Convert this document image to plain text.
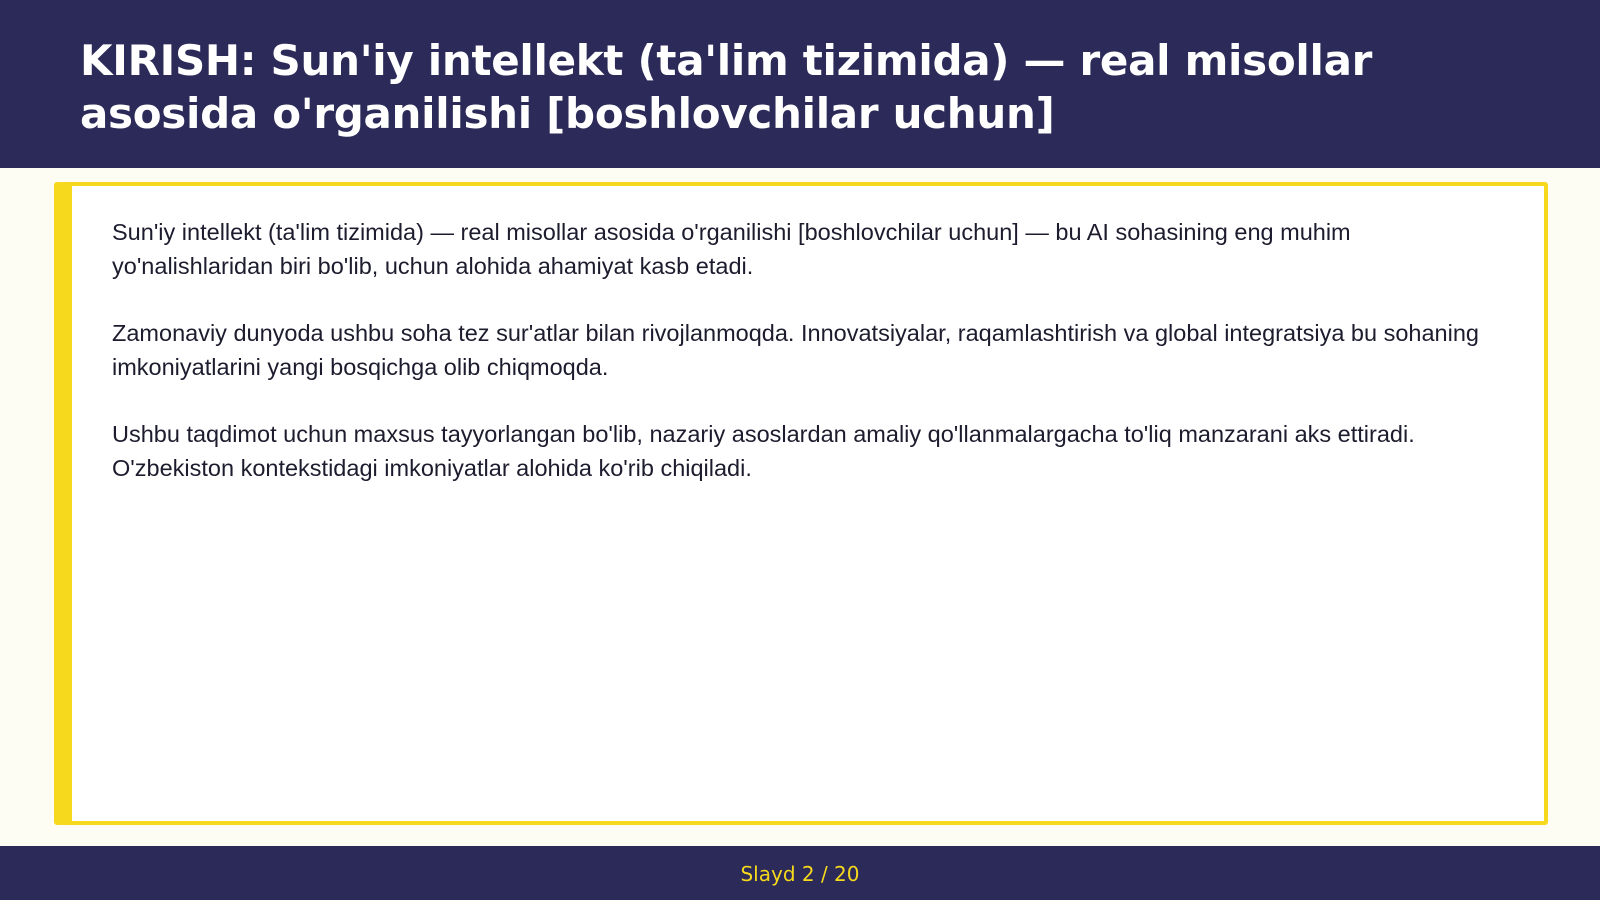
KIRISH: Sun'iy intellekt (ta'lim tizimida) — real misollar asosida o'rganilishi [boshlovchilar uchun]

Sun'iy intellekt (ta'lim tizimida) — real misollar asosida o'rganilishi [boshlovchilar uchun] — bu AI sohasining eng muhim yo'nalishlaridan biri bo'lib, uchun alohida ahamiyat kasb etadi.

Zamonaviy dunyoda ushbu soha tez sur'atlar bilan rivojlanmoqda. Innovatsiyalar, raqamlashtirish va global integratsiya bu sohaning imkoniyatlarini yangi bosqichga olib chiqmoqda.

Ushbu taqdimot uchun maxsus tayyorlangan bo'lib, nazariy asoslardan amaliy qo'llanmalargacha to'liq manzarani aks ettiradi. O'zbekiston kontekstidagi imkoniyatlar alohida ko'rib chiqiladi.

Slayd 2 / 20
